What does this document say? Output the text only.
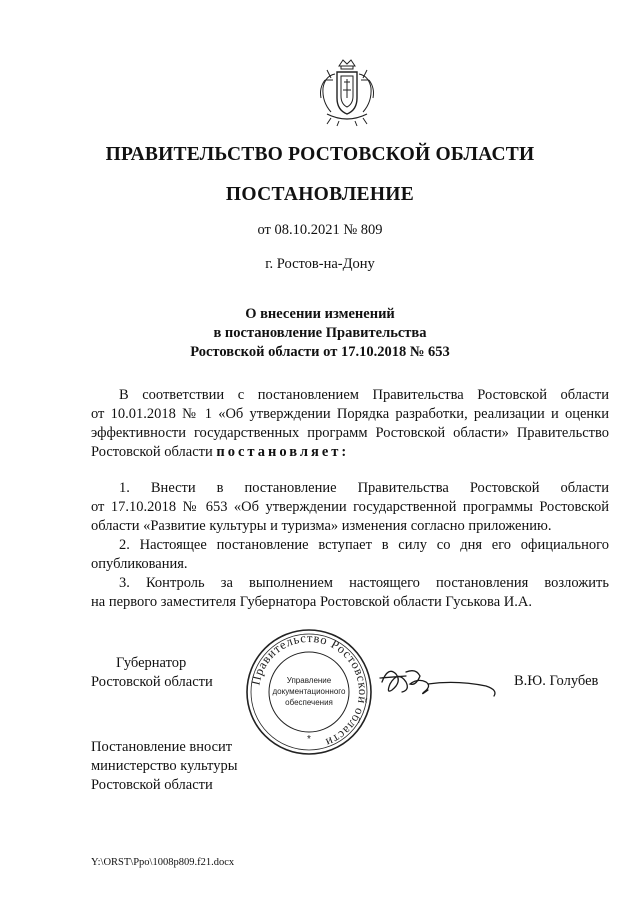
ПРАВИТЕЛЬСТВО РОСТОВСКОЙ ОБЛАСТИ
ПОСТАНОВЛЕНИЕ
от 08.10.2021 № 809
г. Ростов-на-Дону
О внесении изменений
в постановление Правительства
Ростовской области от 17.10.2018 № 653
В соответствии с постановлением Правительства Ростовской области
от 10.01.2018 № 1 «Об утверждении Порядка разработки, реализации и оценки
эффективности государственных программ Ростовской области» Правительство
Ростовской области постановляет:
1. Внести в постановление Правительства Ростовской области
от 17.10.2018 № 653 «Об утверждении государственной программы Ростовской
области «Развитие культуры и туризма» изменения согласно приложению.
2. Настоящее постановление вступает в силу со дня его официального
опубликования.
3. Контроль за выполнением настоящего постановления возложить
на первого заместителя Губернатора Ростовской области Гуськова И.А.
Губернатор
Ростовской области	Правительство Ростовской области
Управление
документационного
обеспечения
*
В.Ю. Голубев
Постановление вносит
министерство культуры
Ростовской области
Y:\ORST\Ppo\1008p809.f21.docx
